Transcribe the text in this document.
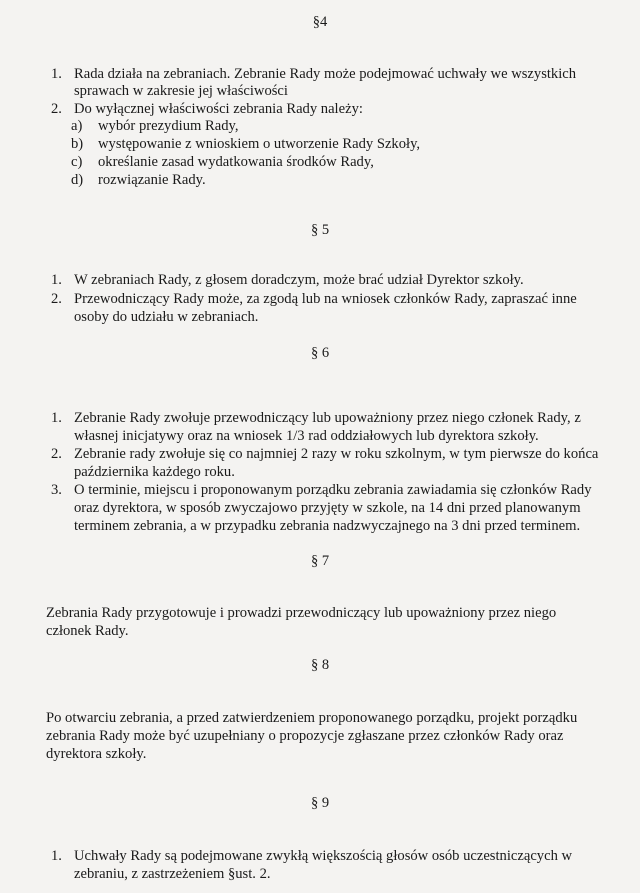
§4
1. Rada działa na zebraniach. Zebranie Rady może podejmować uchwały we wszystkich
sprawach w zakresie jej właściwości
2. Do wyłącznej właściwości zebrania Rady należy:
a) wybór prezydium Rady,
b) występowanie z wnioskiem o utworzenie Rady Szkoły,
c) określanie zasad wydatkowania środków Rady,
d) rozwiązanie Rady.
§ 5
1. W zebraniach Rady, z głosem doradczym, może brać udział Dyrektor szkoły.
2. Przewodniczący Rady może, za zgodą lub na wniosek członków Rady, zapraszać inne
osoby do udziału w zebraniach.
§ 6
1. Zebranie Rady zwołuje przewodniczący lub upoważniony przez niego członek Rady, z
własnej inicjatywy oraz na wniosek 1/3 rad oddziałowych lub dyrektora szkoły.
2. Zebranie rady zwołuje się co najmniej 2 razy w roku szkolnym, w tym pierwsze do końca
października każdego roku.
3. O terminie, miejscu i proponowanym porządku zebrania zawiadamia się członków Rady
oraz dyrektora, w sposób zwyczajowo przyjęty w szkole, na 14 dni przed planowanym
terminem zebrania, a w przypadku zebrania nadzwyczajnego na 3 dni przed terminem.
§ 7
Zebrania Rady przygotowuje i prowadzi przewodniczący lub upoważniony przez niego
członek Rady.
§ 8
Po otwarciu zebrania, a przed zatwierdzeniem proponowanego porządku, projekt porządku
zebrania Rady może być uzupełniany o propozycje zgłaszane przez członków Rady oraz
dyrektora szkoły.
§ 9
1. Uchwały Rady są podejmowane zwykłą większością głosów osób uczestniczących w
zebraniu, z zastrzeżeniem §ust. 2.
